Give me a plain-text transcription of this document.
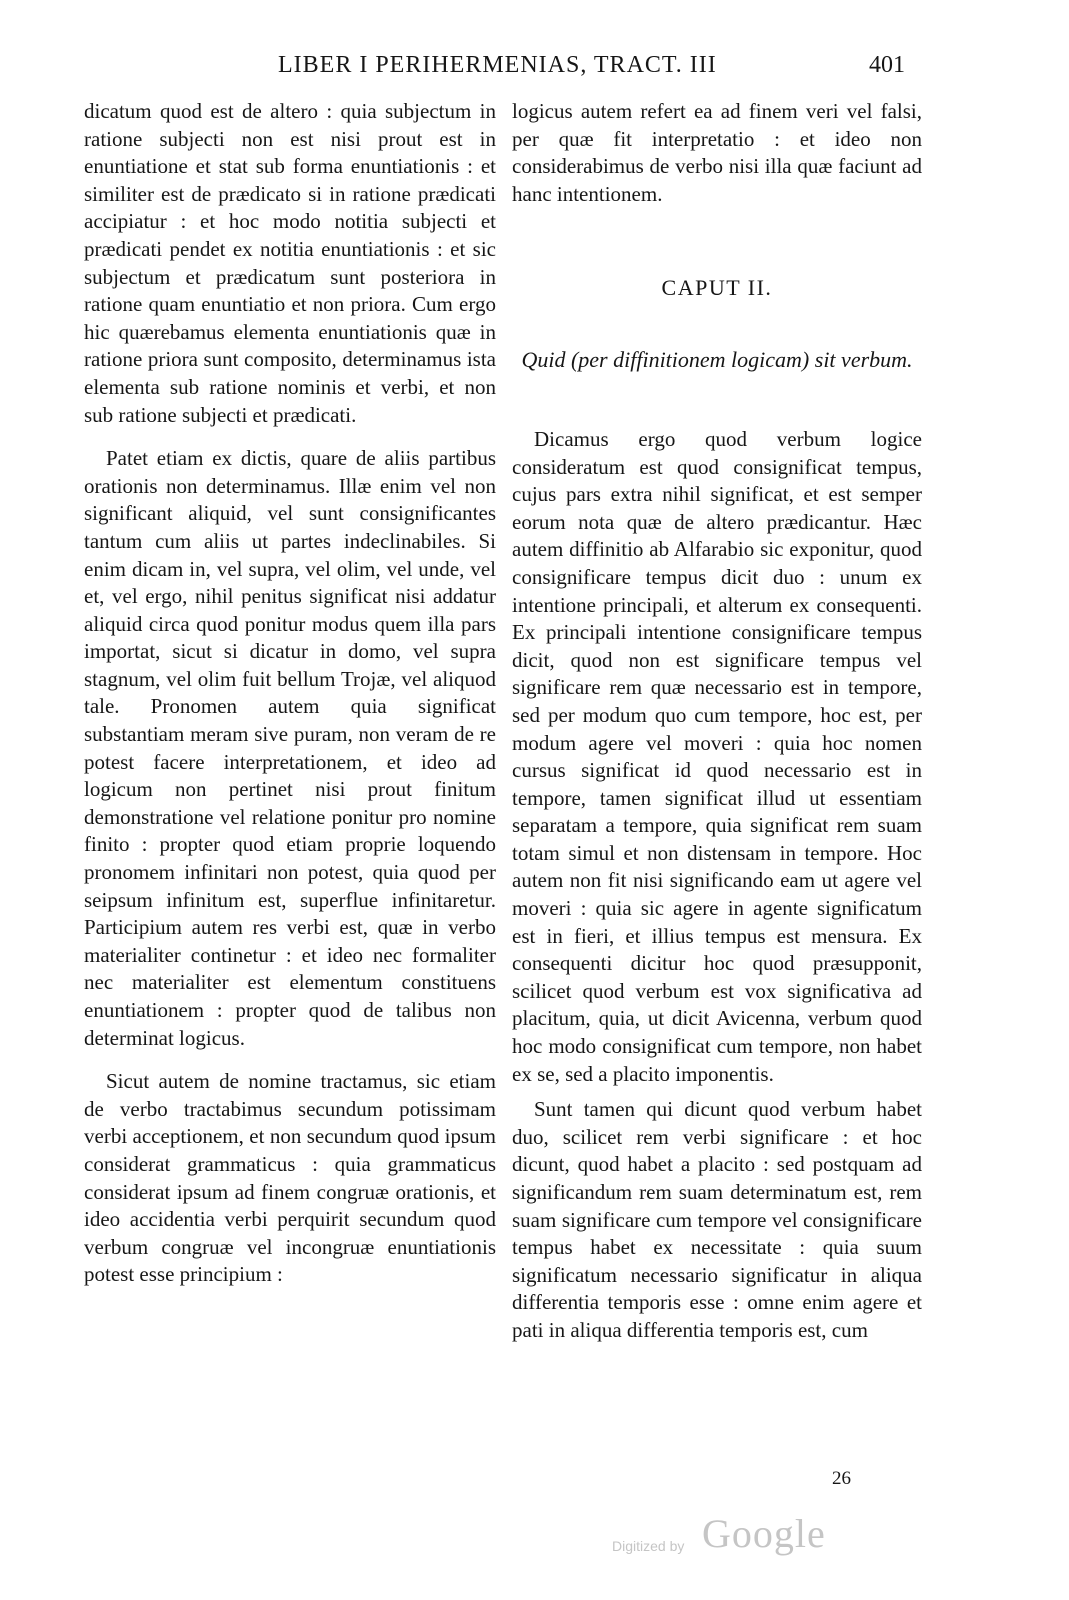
LIBER I PERIHERMENIAS, TRACT. III	401

dicatum quod est de altero : quia subjectum in ratione subjecti non est nisi prout est in enuntiatione et stat sub forma enuntiationis : et similiter est de prædicato si in ratione prædicati accipiatur : et hoc modo notitia subjecti et prædicati pendet ex notitia enuntiationis : et sic subjectum et prædicatum sunt posteriora in ratione quam enuntiatio et non priora. Cum ergo hic quærebamus elementa enuntiationis quæ in ratione priora sunt composito, determinamus ista elementa sub ratione nominis et verbi, et non sub ratione subjecti et prædicati.

Patet etiam ex dictis, quare de aliis partibus orationis non determinamus. Illæ enim vel non significant aliquid, vel sunt consignificantes tantum cum aliis ut partes indeclinabiles. Si enim dicam in, vel supra, vel olim, vel unde, vel et, vel ergo, nihil penitus significat nisi addatur aliquid circa quod ponitur modus quem illa pars importat, sicut si dicatur in domo, vel supra stagnum, vel olim fuit bellum Trojæ, vel aliquod tale. Pronomen autem quia significat substantiam meram sive puram, non veram de re potest facere interpretationem, et ideo ad logicum non pertinet nisi prout finitum demonstratione vel relatione ponitur pro nomine finito : propter quod etiam proprie loquendo pronomem infinitari non potest, quia quod per seipsum infinitum est, superflue infinitaretur. Participium autem res verbi est, quæ in verbo materialiter continetur : et ideo nec formaliter nec materialiter est elementum constituens enuntiationem : propter quod de talibus non determinat logicus.

Sicut autem de nomine tractamus, sic etiam de verbo tractabimus secundum potissimam verbi acceptionem, et non secundum quod ipsum considerat grammaticus : quia grammaticus considerat ipsum ad finem congruæ orationis, et ideo accidentia verbi perquirit secundum quod verbum congruæ vel incongruæ enuntiationis potest esse principium :

logicus autem refert ea ad finem veri vel falsi, per quæ fit interpretatio : et ideo non considerabimus de verbo nisi illa quæ faciunt ad hanc intentionem.

CAPUT II.

Quid (per diffinitionem logicam) sit verbum.

Dicamus ergo quod verbum logice consideratum est quod consignificat tempus, cujus pars extra nihil significat, et est semper eorum nota quæ de altero prædicantur. Hæc autem diffinitio ab Alfarabio sic exponitur, quod consignificare tempus dicit duo : unum ex intentione principali, et alterum ex consequenti. Ex principali intentione consignificare tempus dicit, quod non est significare tempus vel significare rem quæ necessario est in tempore, sed per modum quo cum tempore, hoc est, per modum agere vel moveri : quia hoc nomen cursus significat id quod necessario est in tempore, tamen significat illud ut essentiam separatam a tempore, quia significat rem suam totam simul et non distensam in tempore. Hoc autem non fit nisi significando eam ut agere vel moveri : quia sic agere in agente significatum est in fieri, et illius tempus est mensura. Ex consequenti dicitur hoc quod præsupponit, scilicet quod verbum est vox significativa ad placitum, quia, ut dicit Avicenna, verbum quod hoc modo consignificat cum tempore, non habet ex se, sed a placito imponentis.

Sunt tamen qui dicunt quod verbum habet duo, scilicet rem verbi significare : et hoc dicunt, quod habet a placito : sed postquam ad significandum rem suam determinatum est, rem suam significare cum tempore vel consignificare tempus habet ex necessitate : quia suum significatum necessario significatur in aliqua differentia temporis esse : omne enim agere et pati in aliqua differentia temporis est, cum

26
Digitized by Google
